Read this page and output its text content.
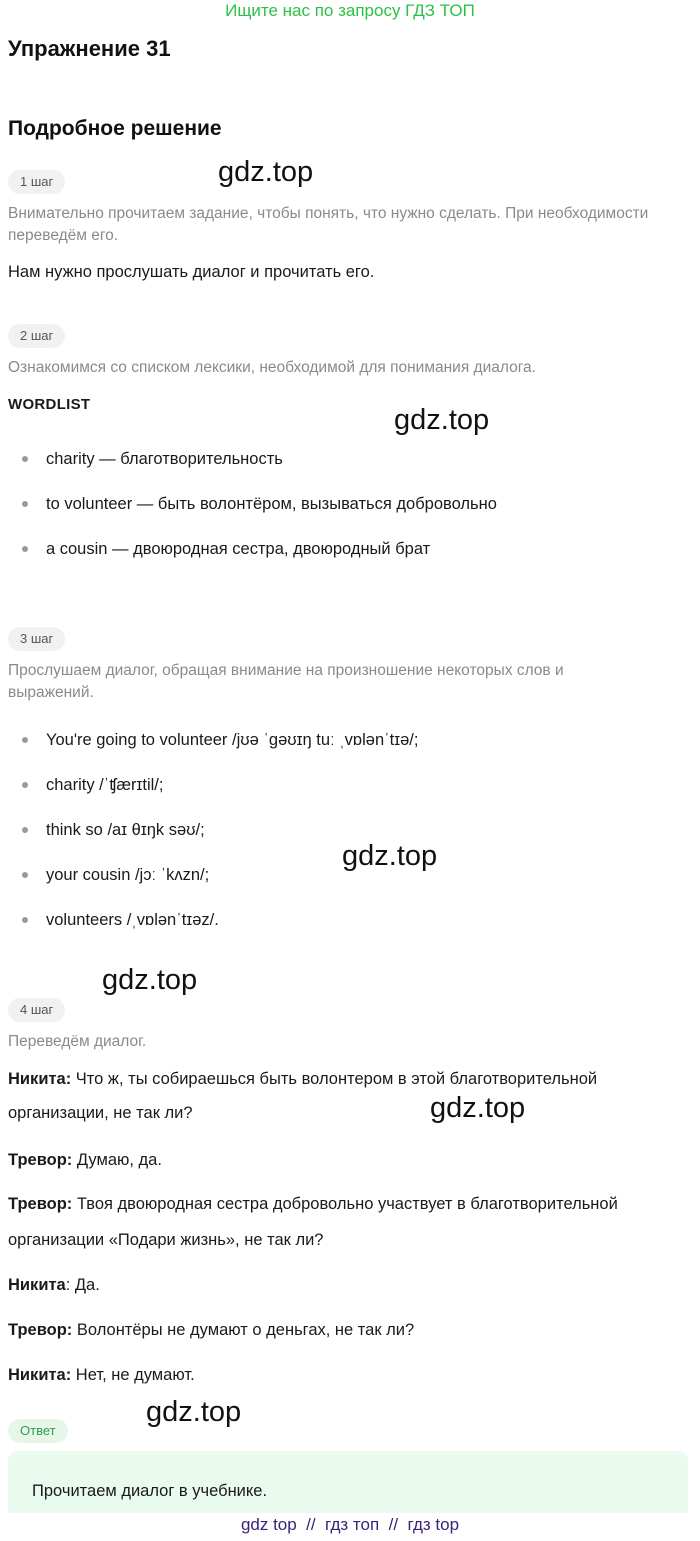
Ищите нас по запросу ГДЗ ТОП
Упражнение 31
Подробное решение
1 шаг	gdz.top
Внимательно прочитаем задание, чтобы понять, что нужно сделать. При необходимости переведём его.
Нам нужно прослушать диалог и прочитать его.
2 шаг
Ознакомимся со списком лексики, необходимой для понимания диалога.
WORDLIST	gdz.top
charity — благотворительность
to volunteer — быть волонтёром, вызываться добровольно
a cousin — двоюродная сестра, двоюродный брат
3 шаг
Прослушаем диалог, обращая внимание на произношение некоторых слов и выражений.
You're going to volunteer /jʊə ˈɡəʊɪŋ tuː ˌvɒlənˈtɪə/;
charity /ˈʧærɪtil/;
think so /aɪ θɪŋk səʊ/;
gdz.top
your cousin /jɔː ˈkʌzn/;
volunteers /ˌvɒlənˈtɪəz/.
gdz.top
4 шаг
Переведём диалог.
Никита: Что ж, ты собираешься быть волонтером в этой благотворительной
организации, не так ли?	gdz.top
Тревор: Думаю, да.
Тревор: Твоя двоюродная сестра добровольно участвует в благотворительной
организации «Подари жизнь», не так ли?
Никита: Да.
Тревор: Волонтёры не думают о деньгах, не так ли?
Никита: Нет, не думают.
Ответ
gdz.top
Прочитаем диалог в учебнике.
gdz top  //  гдз топ  //  гдз top
